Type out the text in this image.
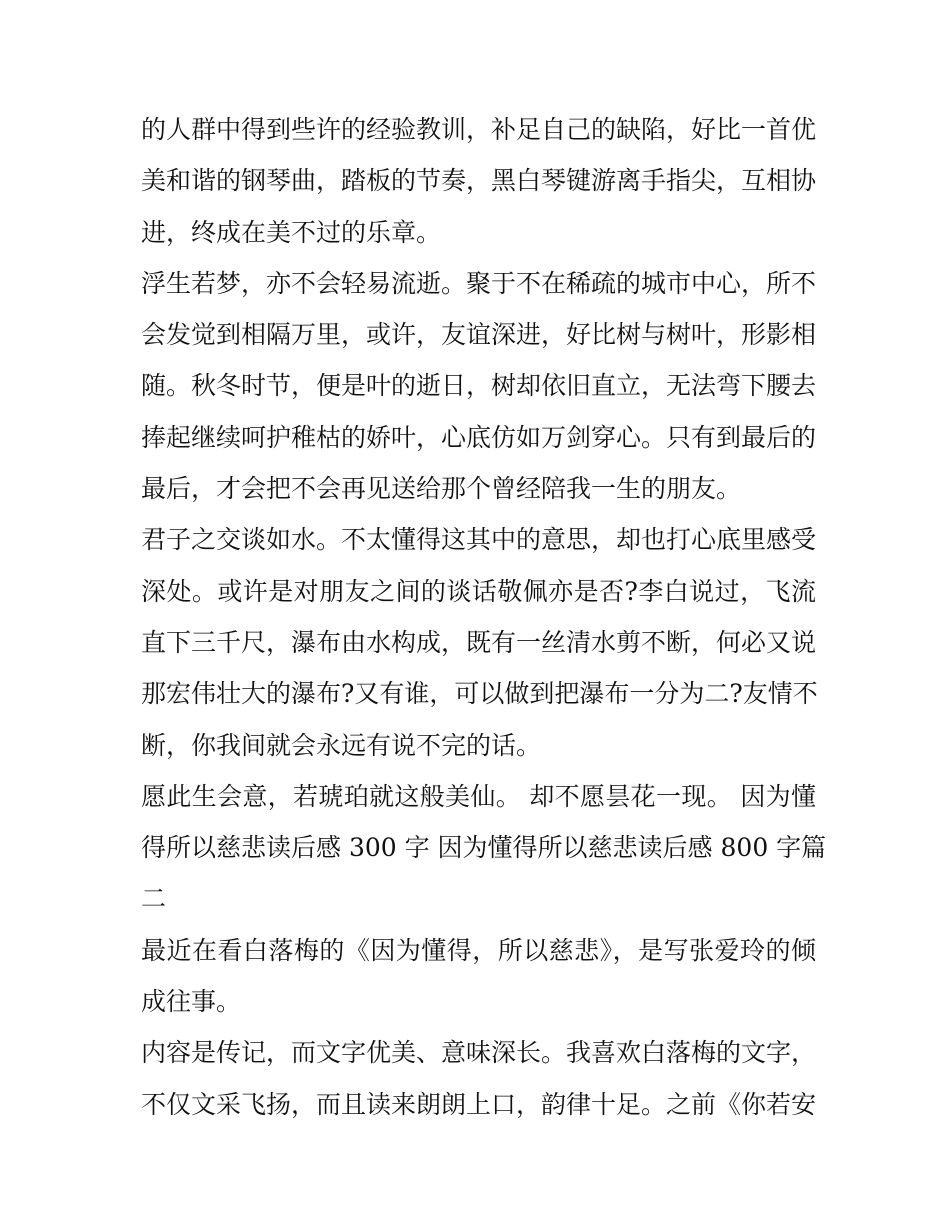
的人群中得到些许的经验教训，补足自己的缺陷，好比一首优
美和谐的钢琴曲，踏板的节奏，黑白琴键游离手指尖，互相协
进，终成在美不过的乐章。
浮生若梦，亦不会轻易流逝。聚于不在稀疏的城市中心，所不
会发觉到相隔万里，或许，友谊深进，好比树与树叶，形影相
随。秋冬时节，便是叶的逝日，树却依旧直立，无法弯下腰去
捧起继续呵护稚枯的娇叶，心底仿如万剑穿心。只有到最后的
最后，才会把不会再见送给那个曾经陪我一生的朋友。
君子之交谈如水。不太懂得这其中的意思，却也打心底里感受
深处。或许是对朋友之间的谈话敬佩亦是否?李白说过，飞流
直下三千尺，瀑布由水构成，既有一丝清水剪不断，何必又说
那宏伟壮大的瀑布?又有谁，可以做到把瀑布一分为二?友情不
断，你我间就会永远有说不完的话。
愿此生会意，若琥珀就这般美仙。 却不愿昙花一现。 因为懂
得所以慈悲读后感 300 字 因为懂得所以慈悲读后感 800 字篇
二
最近在看白落梅的《因为懂得，所以慈悲》，是写张爱玲的倾
成往事。
内容是传记，而文字优美、意味深长。我喜欢白落梅的文字，
不仅文采飞扬，而且读来朗朗上口，韵律十足。之前《你若安
